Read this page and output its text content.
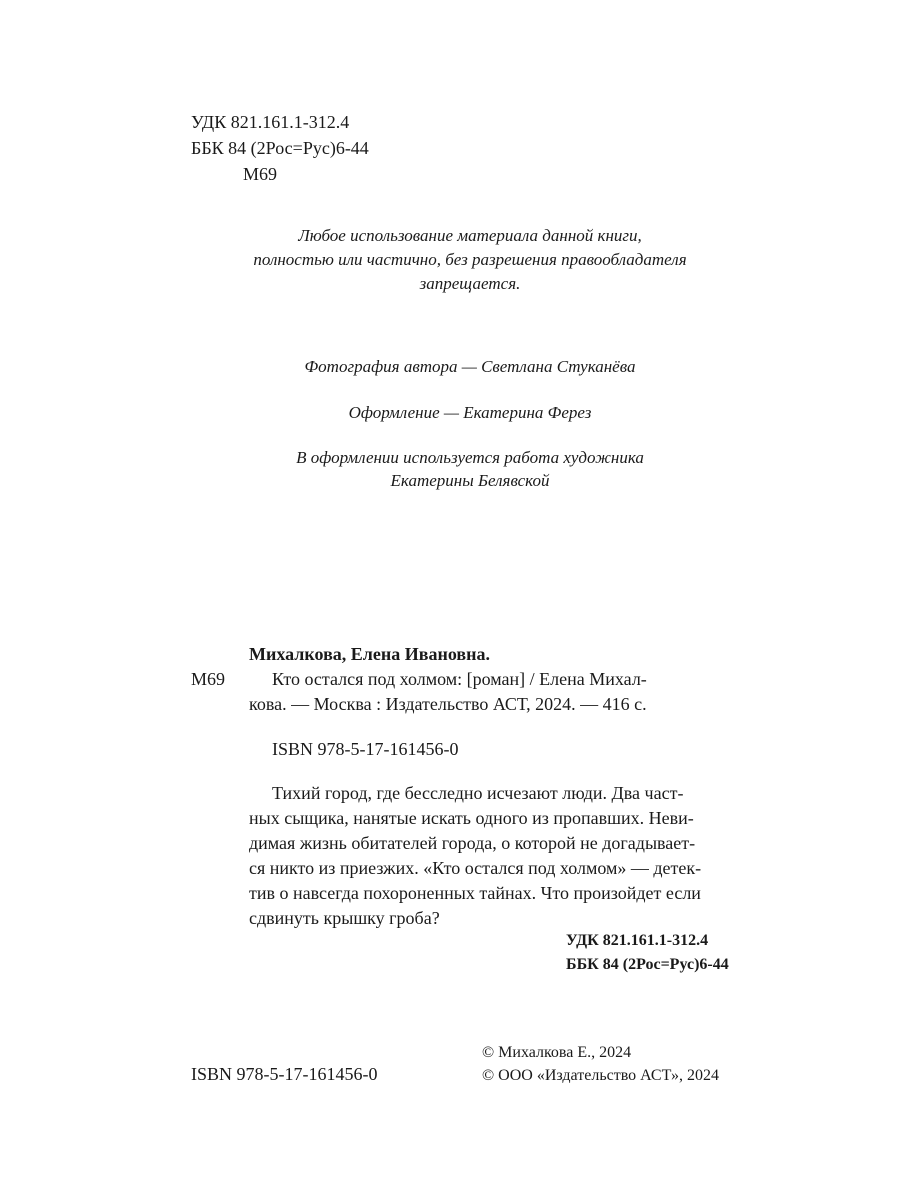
УДК 821.161.1-312.4
ББК 84 (2Рос=Рус)6-44
М69
Любое использование материала данной книги,
полностью или частично, без разрешения правообладателя
запрещается.
Фотография автора — Светлана Стуканёва
Оформление — Екатерина Ферез
В оформлении используется работа художника
Екатерины Белявской
Михалкова, Елена Ивановна.
М69	Кто остался под холмом: [роман] / Елена Михал-
кова. — Москва : Издательство АСТ, 2024. — 416 с.
ISBN 978-5-17-161456-0
Тихий город, где бесследно исчезают люди. Два част-
ных сыщика, нанятые искать одного из пропавших. Неви-
димая жизнь обитателей города, о которой не догадывает-
ся никто из приезжих. «Кто остался под холмом» — детек-
тив о навсегда похороненных тайнах. Что произойдет если
сдвинуть крышку гроба?
УДК 821.161.1-312.4
ББК 84 (2Рос=Рус)6-44
© Михалкова Е., 2024
ISBN 978-5-17-161456-0	© ООО «Издательство АСТ», 2024
